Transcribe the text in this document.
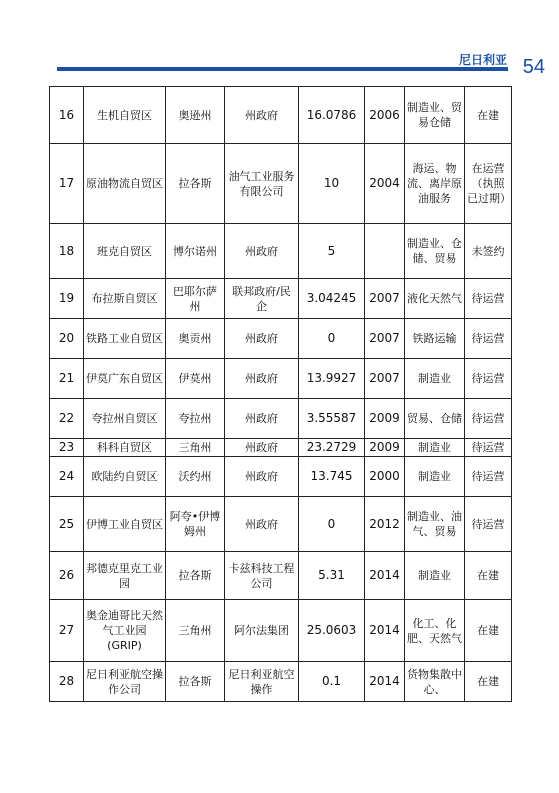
尼日利亚 54
16	生机自贸区	奥逊州	州政府	16.0786	2006	制造业、贸易仓储	在建
17	原油物流自贸区	拉各斯	油气工业服务有限公司	10	2004	海运、物流、离岸原油服务	在运营（执照已过期）
18	班克自贸区	博尔诺州	州政府	5		制造业、仓储、贸易	未签约
19	布拉斯自贸区	巴耶尔萨州	联邦政府/民企	3.04245	2007	液化天然气	待运营
20	铁路工业自贸区	奥贡州	州政府	0	2007	铁路运输	待运营
21	伊莫广东自贸区	伊莫州	州政府	13.9927	2007	制造业	待运营
22	夸拉州自贸区	夸拉州	州政府	3.55587	2009	贸易、仓储	待运营
23	科科自贸区	三角州	州政府	23.2729	2009	制造业	待运营
24	欧陆约自贸区	沃约州	州政府	13.745	2000	制造业	待运营
25	伊博工业自贸区	阿夸•伊博姆州	州政府	0	2012	制造业、油气、贸易	待运营
26	邦德克里克工业园	拉各斯	卡兹科技工程公司	5.31	2014	制造业	在建
27	奥金迪哥比天然气工业园 (GRIP)	三角州	阿尔法集团	25.0603	2014	化工、化肥、天然气	在建
28	尼日利亚航空操作公司	拉各斯	尼日利亚航空操作	0.1	2014	货物集散中心、	在建
